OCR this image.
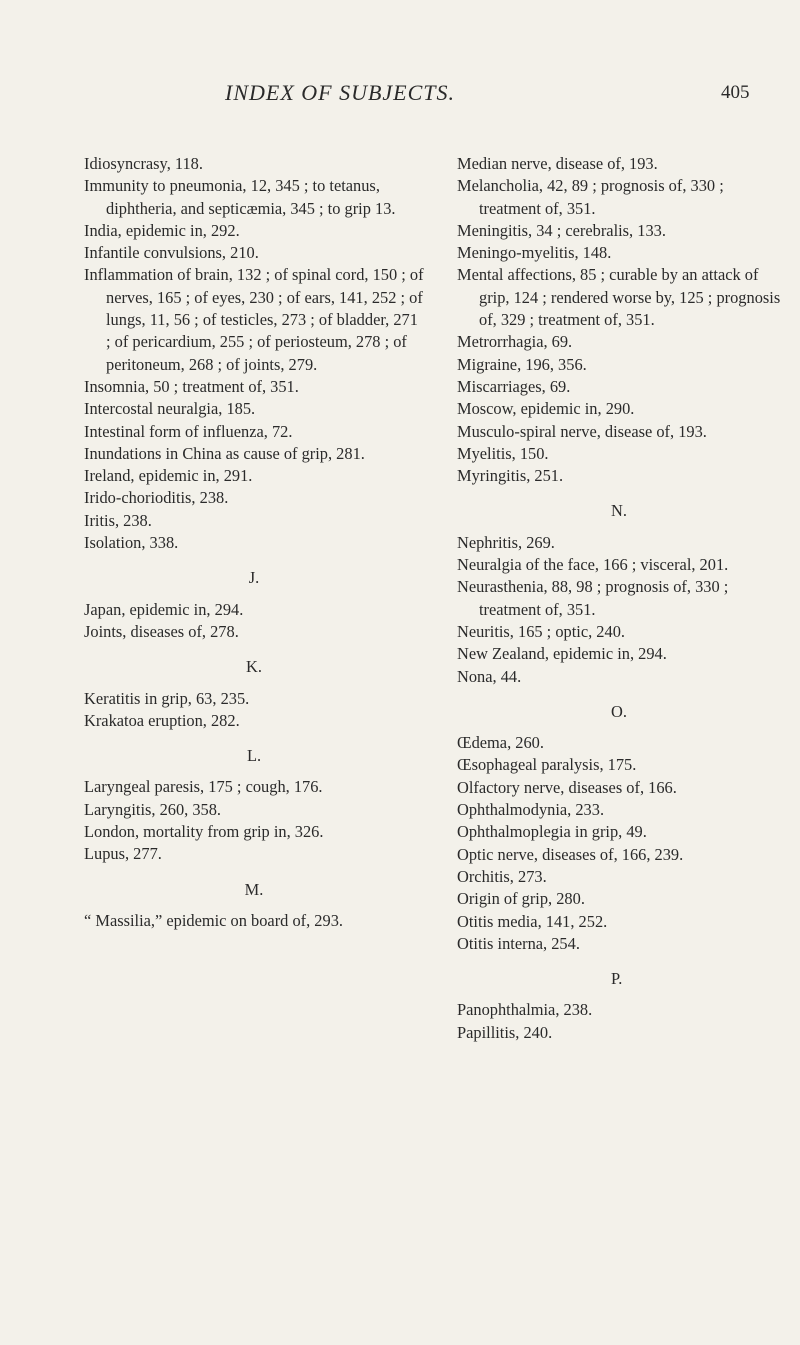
INDEX OF SUBJECTS.	405
Idiosyncrasy, 118.
Immunity to pneumonia, 12, 345 ; to tetanus, diphtheria, and septicæmia, 345 ; to grip 13.
India, epidemic in, 292.
Infantile convulsions, 210.
Inflammation of brain, 132 ; of spinal cord, 150 ; of nerves, 165 ; of eyes, 230 ; of ears, 141, 252 ; of lungs, 11, 56 ; of testicles, 273 ; of bladder, 271 ; of pericardium, 255 ; of periosteum, 278 ; of peritoneum, 268 ; of joints, 279.
Insomnia, 50 ; treatment of, 351.
Intercostal neuralgia, 185.
Intestinal form of influenza, 72.
Inundations in China as cause of grip, 281.
Ireland, epidemic in, 291.
Irido-chorioditis, 238.
Iritis, 238.
Isolation, 338.
J.
Japan, epidemic in, 294.
Joints, diseases of, 278.
K.
Keratitis in grip, 63, 235.
Krakatoa eruption, 282.
L.
Laryngeal paresis, 175 ; cough, 176.
Laryngitis, 260, 358.
London, mortality from grip in, 326.
Lupus, 277.
M.
“ Massilia,” epidemic on board of, 293.
Median nerve, disease of, 193.
Melancholia, 42, 89 ; prognosis of, 330 ; treatment of, 351.
Meningitis, 34 ; cerebralis, 133.
Meningo-myelitis, 148.
Mental affections, 85 ; curable by an attack of grip, 124 ; rendered worse by, 125 ; prognosis of, 329 ; treatment of, 351.
Metrorrhagia, 69.
Migraine, 196, 356.
Miscarriages, 69.
Moscow, epidemic in, 290.
Musculo-spiral nerve, disease of, 193.
Myelitis, 150.
Myringitis, 251.
N.
Nephritis, 269.
Neuralgia of the face, 166 ; visceral, 201.
Neurasthenia, 88, 98 ; prognosis of, 330 ; treatment of, 351.
Neuritis, 165 ; optic, 240.
New Zealand, epidemic in, 294.
Nona, 44.
O.
Œdema, 260.
Œsophageal paralysis, 175.
Olfactory nerve, diseases of, 166.
Ophthalmodynia, 233.
Ophthalmoplegia in grip, 49.
Optic nerve, diseases of, 166, 239.
Orchitis, 273.
Origin of grip, 280.
Otitis media, 141, 252.
Otitis interna, 254.
P.
Panophthalmia, 238.
Papillitis, 240.
